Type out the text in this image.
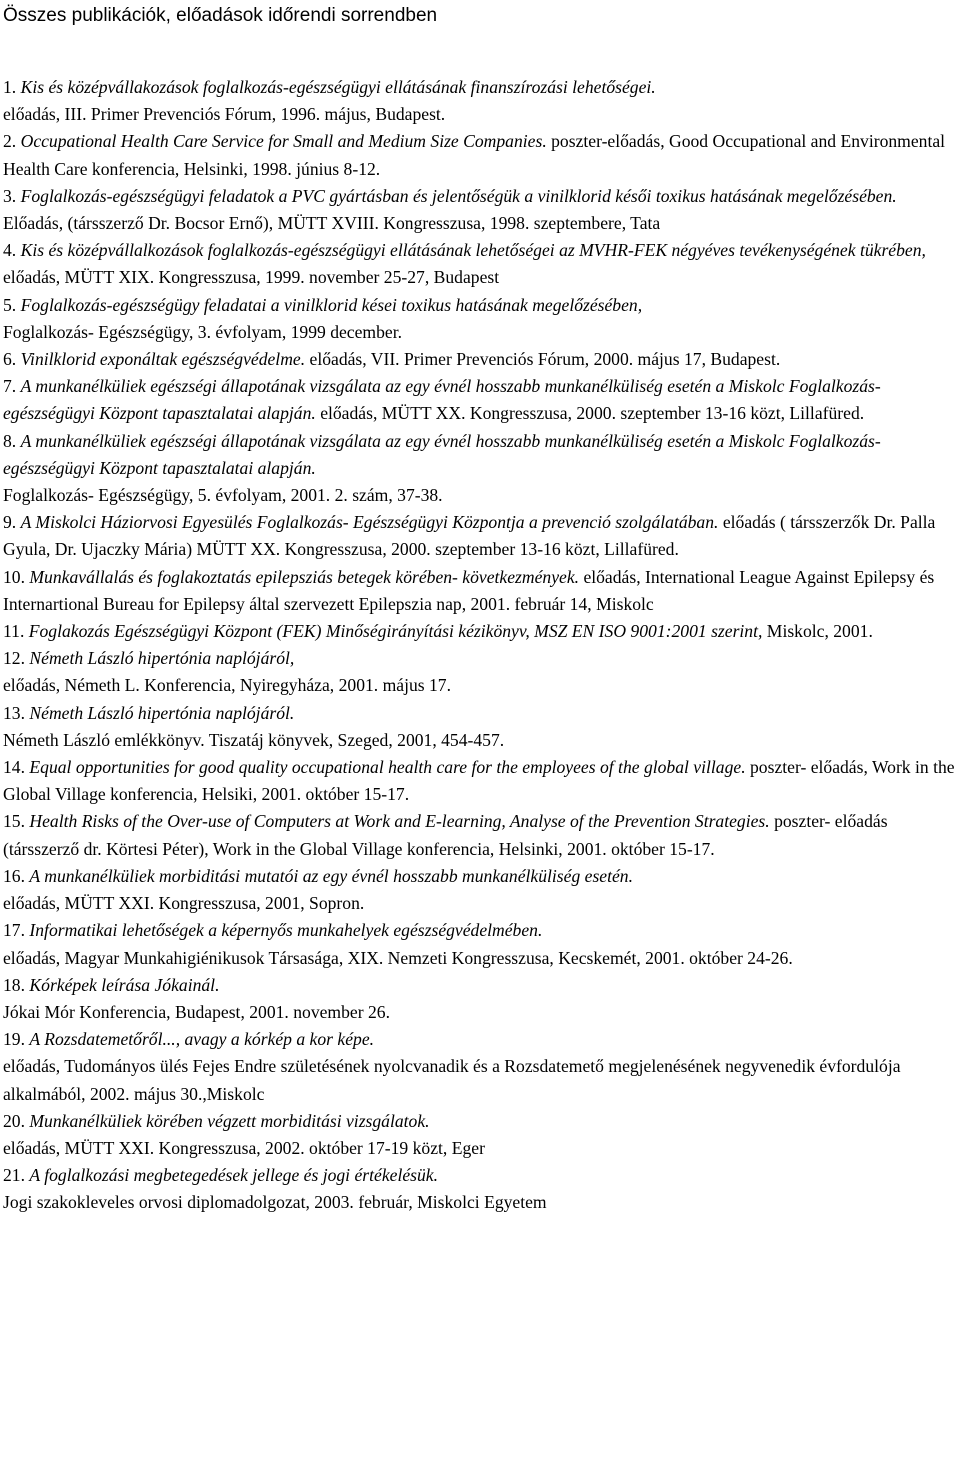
Összes publikációk, előadások időrendi sorrendben

1. Kis és középvállakozások foglalkozás-egészségügyi ellátásának finanszírozási lehetőségei.
előadás, III. Primer Prevenciós Fórum, 1996. május, Budapest.

2. Occupational Health Care Service for Small and Medium Size Companies. poszter-előadás, Good Occupational and Environmental Health Care konferencia, Helsinki, 1998. június 8-12.

3. Foglalkozás-egészségügyi feladatok a PVC gyártásban és jelentőségük a vinilklorid késői toxikus hatásának megelőzésében. Előadás, (társszerző Dr. Bocsor Ernő), MÜTT XVIII. Kongresszusa, 1998. szeptembere, Tata

4. Kis és középvállalkozások foglalkozás-egészségügyi ellátásának lehetőségei az MVHR-FEK négyéves tevékenységének tükrében, előadás, MÜTT XIX. Kongresszusa, 1999. november 25-27, Budapest

5. Foglalkozás-egészségügy feladatai a vinilklorid kései toxikus hatásának megelőzésében,
Foglalkozás- Egészségügy, 3. évfolyam, 1999 december.

6. Vinilklorid exponáltak egészségvédelme. előadás, VII. Primer Prevenciós Fórum, 2000. május 17, Budapest.

7. A munkanélküliek egészségi állapotának vizsgálata az egy évnél hosszabb munkanélküliség esetén a Miskolc Foglalkozás-egészségügyi Központ tapasztalatai alapján. előadás, MÜTT XX. Kongresszusa, 2000. szeptember 13-16 közt, Lillafüred.

8. A munkanélküliek egészségi állapotának vizsgálata az egy évnél hosszabb munkanélküliség esetén a Miskolc Foglalkozás-egészségügyi Központ tapasztalatai alapján.
Foglalkozás- Egészségügy, 5. évfolyam, 2001. 2. szám, 37-38.

9. A Miskolci Háziorvosi Egyesülés Foglalkozás- Egészségügyi Központja a prevenció szolgálatában. előadás ( társszerzők Dr. Palla Gyula, Dr. Ujaczky Mária) MÜTT XX. Kongresszusa, 2000. szeptember 13-16 közt, Lillafüred.

10. Munkavállalás és foglakoztatás epilepsziás betegek körében- következmények. előadás, International League Against Epilepsy és Internartional Bureau for Epilepsy által szervezett Epilepszia nap, 2001. február 14, Miskolc

11. Foglakozás Egészségügyi Központ (FEK) Minőségirányítási kézikönyv, MSZ EN ISO 9001:2001 szerint, Miskolc, 2001.

12. Németh László hipertónia naplójáról,
előadás, Németh L. Konferencia, Nyiregyháza, 2001. május 17.

13. Németh László hipertónia naplójáról.
Németh László emlékkönyv. Tiszatáj könyvek, Szeged, 2001, 454-457.

14. Equal opportunities for good quality occupational health care for the employees of the global village. poszter- előadás, Work in the Global Village konferencia, Helsiki, 2001. október 15-17.

15. Health Risks of the Over-use of Computers at Work and E-learning, Analyse of the Prevention Strategies. poszter- előadás (társszerző dr. Körtesi Péter), Work in the Global Village konferencia, Helsinki, 2001. október 15-17.

16. A munkanélküliek morbiditási mutatói az egy évnél hosszabb munkanélküliség esetén.
előadás, MÜTT XXI. Kongresszusa, 2001, Sopron.

17. Informatikai lehetőségek a képernyős munkahelyek egészségvédelmében.
előadás, Magyar Munkahigiénikusok Társasága, XIX. Nemzeti Kongresszusa, Kecskemét, 2001. október 24-26.

18. Kórképek leírása Jókainál.
Jókai Mór Konferencia, Budapest, 2001. november 26.

19. A Rozsdatemetőről..., avagy a kórkép a kor képe.
előadás, Tudományos ülés Fejes Endre születésének nyolcvanadik és a Rozsdatemető megjelenésének negyvenedik évfordulója alkalmából, 2002. május 30.,Miskolc

20. Munkanélküliek körében végzett morbiditási vizsgálatok.
előadás, MÜTT XXI. Kongresszusa, 2002. október 17-19 közt, Eger

21. A foglalkozási megbetegedések jellege és jogi értékelésük.
Jogi szakokleveles orvosi diplomadolgozat, 2003. február, Miskolci Egyetem
